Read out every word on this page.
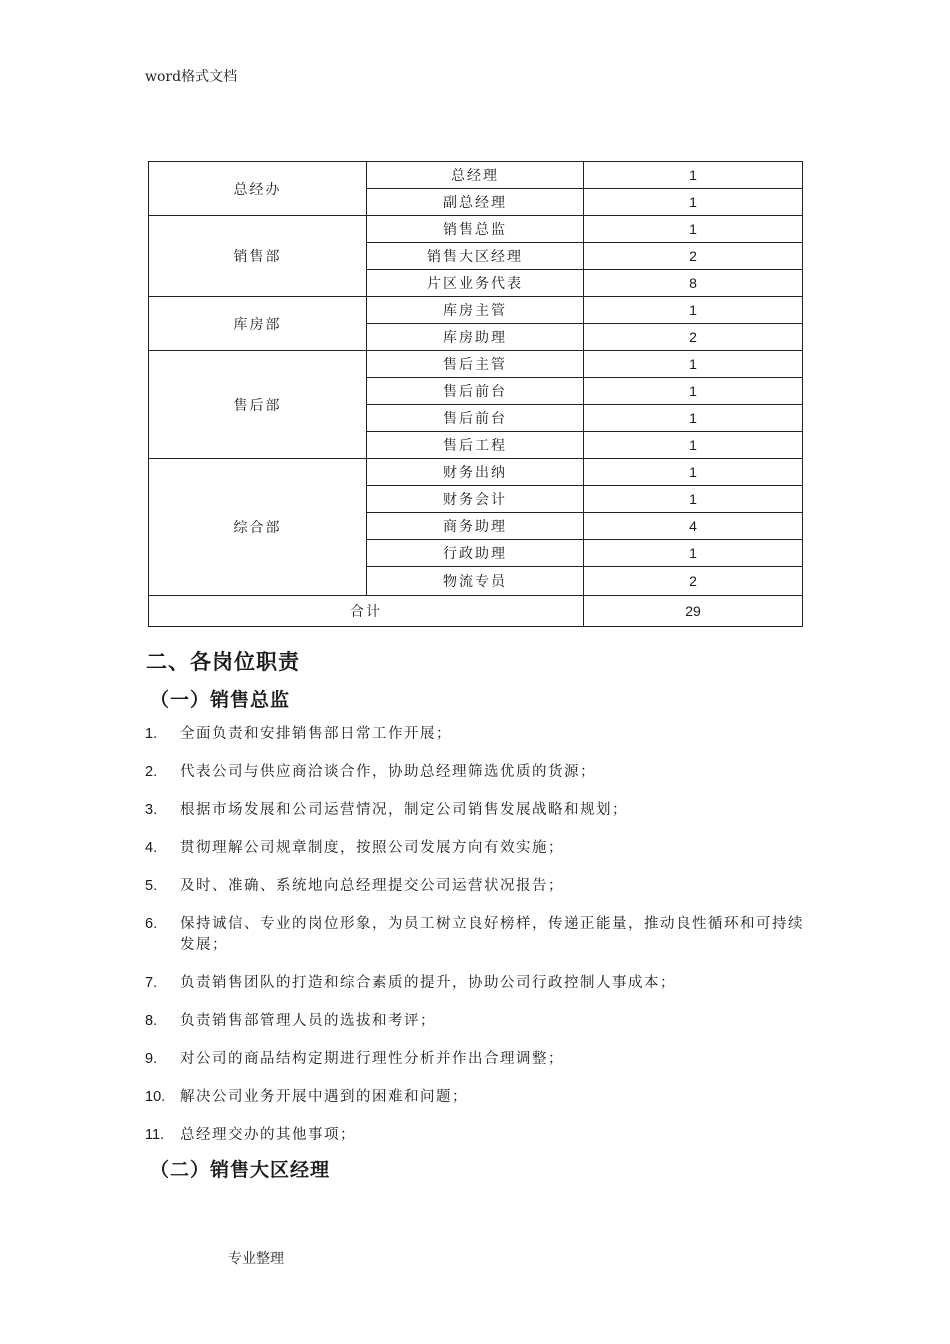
word格式文档
总经办	总经理	1
	副总经理	1
销售部	销售总监	1
	销售大区经理	2
	片区业务代表	8
库房部	库房主管	1
	库房助理	2
售后部	售后主管	1
	售后前台	1
	售后前台	1
	售后工程	1
综合部	财务出纳	1
	财务会计	1
	商务助理	4
	行政助理	1
	物流专员	2
合计		29
二、各岗位职责
（一）销售总监
1. 全面负责和安排销售部日常工作开展；
2. 代表公司与供应商洽谈合作，协助总经理筛选优质的货源；
3. 根据市场发展和公司运营情况，制定公司销售发展战略和规划；
4. 贯彻理解公司规章制度，按照公司发展方向有效实施；
5. 及时、准确、系统地向总经理提交公司运营状况报告；
6. 保持诚信、专业的岗位形象，为员工树立良好榜样，传递正能量，推动良性循环和可持续发展；
7. 负责销售团队的打造和综合素质的提升，协助公司行政控制人事成本；
8. 负责销售部管理人员的选拔和考评；
9. 对公司的商品结构定期进行理性分析并作出合理调整；
10. 解决公司业务开展中遇到的困难和问题；
11. 总经理交办的其他事项；
（二）销售大区经理
专业整理
